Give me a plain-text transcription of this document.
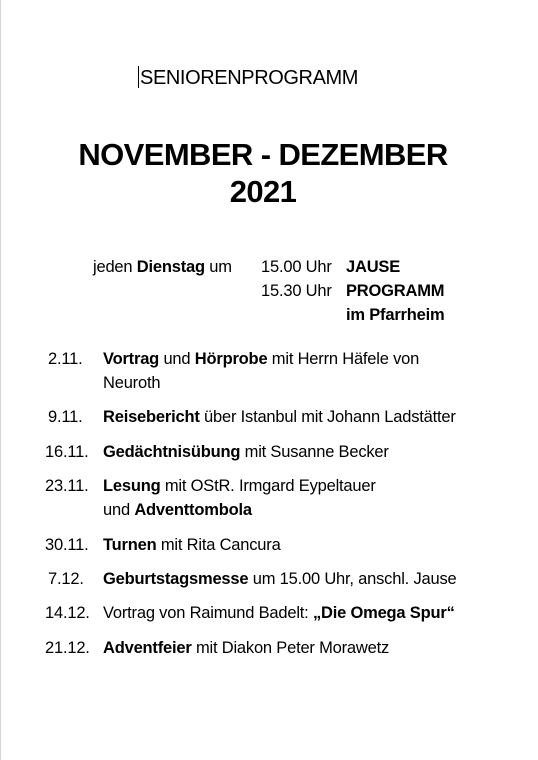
SENIORENPROGRAMM
NOVEMBER - DEZEMBER
2021
jeden Dienstag um 15.00 Uhr JAUSE
15.30 Uhr PROGRAMM
im Pfarrheim
2.11. Vortrag und Hörprobe mit Herrn Häfele von
Neuroth
9.11. Reisebericht über Istanbul mit Johann Ladstätter
16.11. Gedächtnisübung mit Susanne Becker
23.11. Lesung mit OStR. Irmgard Eypeltauer
und Adventtombola
30.11. Turnen mit Rita Cancura
7.12. Geburtstagsmesse um 15.00 Uhr, anschl. Jause
14.12. Vortrag von Raimund Badelt: „Die Omega Spur“
21.12. Adventfeier mit Diakon Peter Morawetz
